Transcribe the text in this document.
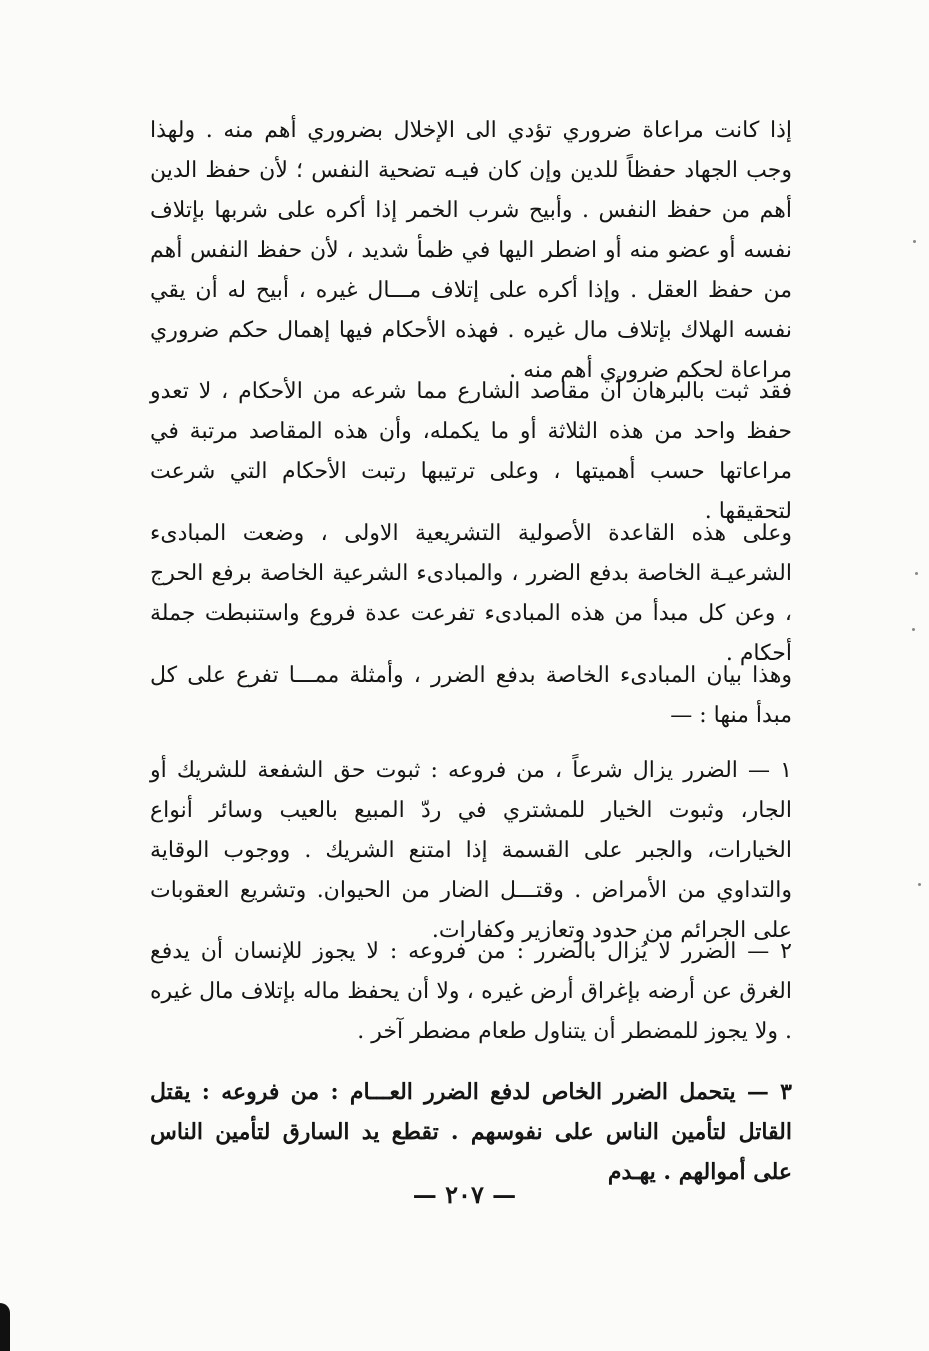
إذا كانت مراعاة ضروري تؤدي الى الإخلال بضروري أهم منه . ولهذا وجب الجهاد حفظاً للدين وإن كان فيـه تضحية النفس ؛ لأن حفظ الدين أهم من حفظ النفس . وأبيح شرب الخمر إذا أكره على شربها بإتلاف نفسه أو عضو منه أو اضطر اليها في ظمأ شديد ، لأن حفظ النفس أهم من حفظ العقل . وإذا أكره على إتلاف مـــال غيره ، أبيح له أن يقي نفسه الهلاك بإتلاف مال غيره . فهذه الأحكام فيها إهمال حكم ضروري مراعاة لحكم ضروري أهم منه .

فقد ثبت بالبرهان أن مقاصد الشارع مما شرعه من الأحكام ، لا تعدو حفظ واحد من هذه الثلاثة أو ما يكمله، وأن هذه المقاصد مرتبة في مراعاتها حسب أهميتها ، وعلى ترتيبها رتبت الأحكام التي شرعت لتحقيقها .

وعلى هذه القاعدة الأصولية التشريعية الاولى ، وضعت المبادىء الشرعيـة الخاصة بدفع الضرر ، والمبادىء الشرعية الخاصة برفع الحرج ، وعن كل مبدأ من هذه المبادىء تفرعت عدة فروع واستنبطت جملة أحكام .

وهذا بيان المبادىء الخاصة بدفع الضرر ، وأمثلة ممـــا تفرع على كل مبدأ منها : —

١ — الضرر يزال شرعاً ، من فروعه : ثبوت حق الشفعة للشريك أو الجار، وثبوت الخيار للمشتري في ردّ المبيع بالعيب وسائر أنواع الخيارات، والجبر على القسمة إذا امتنع الشريك . ووجوب الوقاية والتداوي من الأمراض . وقتـــل الضار من الحيوان. وتشريع العقوبات على الجرائم من حدود وتعازير وكفارات.

٢ — الضرر لا يُزال بالضرر : من فروعه : لا يجوز للإنسان أن يدفع الغرق عن أرضه بإغراق أرض غيره ، ولا أن يحفظ ماله بإتلاف مال غيره . ولا يجوز للمضطر أن يتناول طعام مضطر آخر .

٣ — يتحمل الضرر الخاص لدفع الضرر العـــام : من فروعه : يقتل القاتل لتأمين الناس على نفوسهم . تقطع يد السارق لتأمين الناس على أموالهم . يهـدم

— ٢٠٧ —
